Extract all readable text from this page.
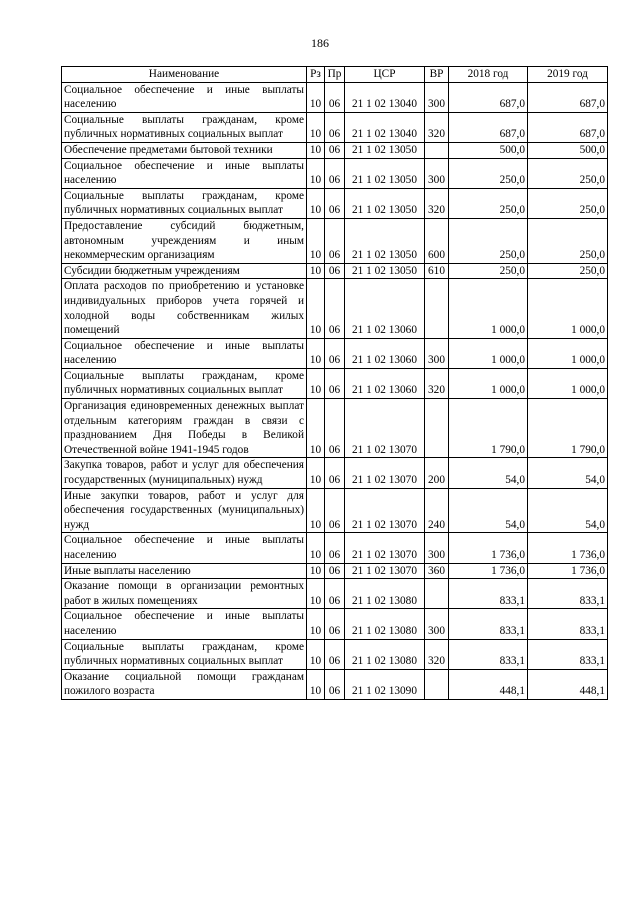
186
Наименование	Рз	Пр	ЦСР	ВР	2018 год	2019 год
Социальное обеспечение и иные выплаты населению	10	06	21 1 02 13040	300	687,0	687,0
Социальные выплаты гражданам, кроме публичных нормативных социальных выплат	10	06	21 1 02 13040	320	687,0	687,0
Обеспечение предметами бытовой техники	10	06	21 1 02 13050		500,0	500,0
Социальное обеспечение и иные выплаты населению	10	06	21 1 02 13050	300	250,0	250,0
Социальные выплаты гражданам, кроме публичных нормативных социальных выплат	10	06	21 1 02 13050	320	250,0	250,0
Предоставление субсидий бюджетным, автономным учреждениям и иным некоммерческим организациям	10	06	21 1 02 13050	600	250,0	250,0
Субсидии бюджетным учреждениям	10	06	21 1 02 13050	610	250,0	250,0
Оплата расходов по приобретению и установке индивидуальных приборов учета горячей и холодной воды собственникам жилых помещений	10	06	21 1 02 13060		1 000,0	1 000,0
Социальное обеспечение и иные выплаты населению	10	06	21 1 02 13060	300	1 000,0	1 000,0
Социальные выплаты гражданам, кроме публичных нормативных социальных выплат	10	06	21 1 02 13060	320	1 000,0	1 000,0
Организация единовременных денежных выплат отдельным категориям граждан в связи с празднованием Дня Победы в Великой Отечественной войне 1941-1945 годов	10	06	21 1 02 13070		1 790,0	1 790,0
Закупка товаров, работ и услуг для обеспечения государственных (муниципальных) нужд	10	06	21 1 02 13070	200	54,0	54,0
Иные закупки товаров, работ и услуг для обеспечения государственных (муниципальных) нужд	10	06	21 1 02 13070	240	54,0	54,0
Социальное обеспечение и иные выплаты населению	10	06	21 1 02 13070	300	1 736,0	1 736,0
Иные выплаты населению	10	06	21 1 02 13070	360	1 736,0	1 736,0
Оказание помощи в организации ремонтных работ в жилых помещениях	10	06	21 1 02 13080		833,1	833,1
Социальное обеспечение и иные выплаты населению	10	06	21 1 02 13080	300	833,1	833,1
Социальные выплаты гражданам, кроме публичных нормативных социальных выплат	10	06	21 1 02 13080	320	833,1	833,1
Оказание социальной помощи гражданам пожилого возраста	10	06	21 1 02 13090		448,1	448,1
